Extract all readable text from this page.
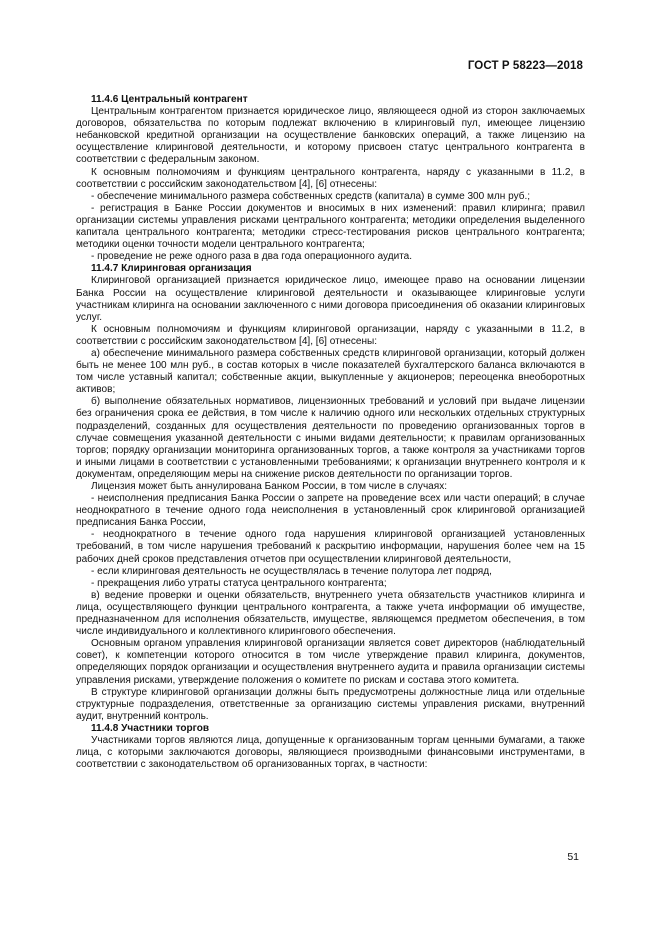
ГОСТ Р 58223—2018
11.4.6 Центральный контрагент

Центральным контрагентом признается юридическое лицо, являющееся одной из сторон заключаемых договоров, обязательства по которым подлежат включению в клиринговый пул, имеющее лицензию небанковской кредитной организации на осуществление банковских операций, а также лицензию на осуществление клиринговой деятельности, и которому присвоен статус центрального контрагента в соответствии с федеральным законом.

К основным полномочиям и функциям центрального контрагента, наряду с указанными в 11.2, в соответствии с российским законодательством [4], [6] отнесены:

- обеспечение минимального размера собственных средств (капитала) в сумме 300 млн руб.;

- регистрация в Банке России документов и вносимых в них изменений: правил клиринга; правил организации системы управления рисками центрального контрагента; методики определения выделенного капитала центрального контрагента; методики стресс-тестирования рисков центрального контрагента; методики оценки точности модели центрального контрагента;

- проведение не реже одного раза в два года операционного аудита.

11.4.7 Клиринговая организация

Клиринговой организацией признается юридическое лицо, имеющее право на основании лицензии Банка России на осуществление клиринговой деятельности и оказывающее клиринговые услуги участникам клиринга на основании заключенного с ними договора присоединения об оказании клиринговых услуг.

К основным полномочиям и функциям клиринговой организации, наряду с указанными в 11.2, в соответствии с российским законодательством [4], [6] отнесены:

а) обеспечение минимального размера собственных средств клиринговой организации, который должен быть не менее 100 млн руб., в состав которых в числе показателей бухгалтерского баланса включаются в том числе уставный капитал; собственные акции, выкупленные у акционеров; переоценка внеоборотных активов;

б) выполнение обязательных нормативов, лицензионных требований и условий при выдаче лицензии без ограничения срока ее действия, в том числе к наличию одного или нескольких отдельных структурных подразделений, созданных для осуществления деятельности по проведению организованных торгов в случае совмещения указанной деятельности с иными видами деятельности; к правилам организованных торгов; порядку организации мониторинга организованных торгов, а также контроля за участниками торгов и иными лицами в соответствии с установленными требованиями; к организации внутреннего контроля и к документам, определяющим меры на снижение рисков деятельности по организации торгов.

Лицензия может быть аннулирована Банком России, в том числе в случаях:

- неисполнения предписания Банка России о запрете на проведение всех или части операций; в случае неоднократного в течение одного года неисполнения в установленный срок клиринговой организацией предписания Банка России,

- неоднократного в течение одного года нарушения клиринговой организацией установленных требований, в том числе нарушения требований к раскрытию информации, нарушения более чем на 15 рабочих дней сроков представления отчетов при осуществлении клиринговой деятельности,

- если клиринговая деятельность не осуществлялась в течение полутора лет подряд,

- прекращения либо утраты статуса центрального контрагента;

в) ведение проверки и оценки обязательств, внутреннего учета обязательств участников клиринга и лица, осуществляющего функции центрального контрагента, а также учета информации об имуществе, предназначенном для исполнения обязательств, имуществе, являющемся предметом обеспечения, в том числе индивидуального и коллективного клирингового обеспечения.

Основным органом управления клиринговой организации является совет директоров (наблюдательный совет), к компетенции которого относится в том числе утверждение правил клиринга, документов, определяющих порядок организации и осуществления внутреннего аудита и правила организации системы управления рисками, утверждение положения о комитете по рискам и состава этого комитета.

В структуре клиринговой организации должны быть предусмотрены должностные лица или отдельные структурные подразделения, ответственные за организацию системы управления рисками, внутренний аудит, внутренний контроль.

11.4.8 Участники торгов

Участниками торгов являются лица, допущенные к организованным торгам ценными бумагами, а также лица, с которыми заключаются договоры, являющиеся производными финансовыми инструментами, в соответствии с законодательством об организованных торгах, в частности:

51
